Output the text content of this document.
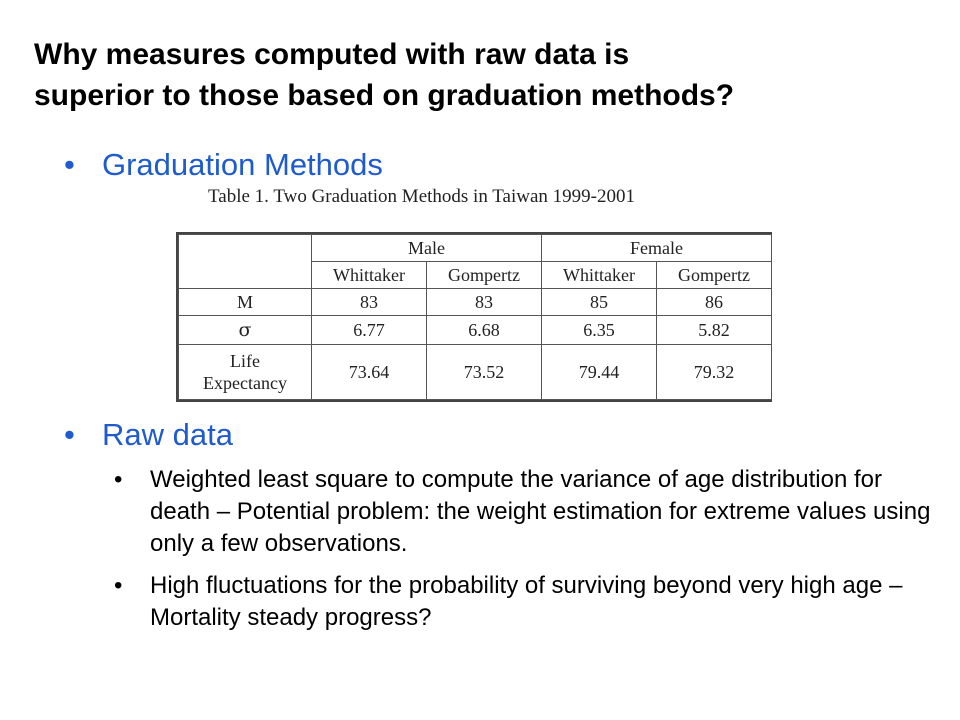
Why measures computed with raw data is
superior to those based on graduation methods?
• Graduation Methods
Table 1. Two Graduation Methods in Taiwan 1999-2001
	Male		Female	
	Whittaker	Gompertz	Whittaker	Gompertz
M	83	83	85	86
σ	6.77	6.68	6.35	5.82

Life
Expectancy	73.64	73.52	79.44	79.32
• Raw data
• Weighted least square to compute the variance of age distribution for death – Potential problem: the weight estimation for extreme values using only a few observations.
• High fluctuations for the probability of surviving beyond very high age – Mortality steady progress?
